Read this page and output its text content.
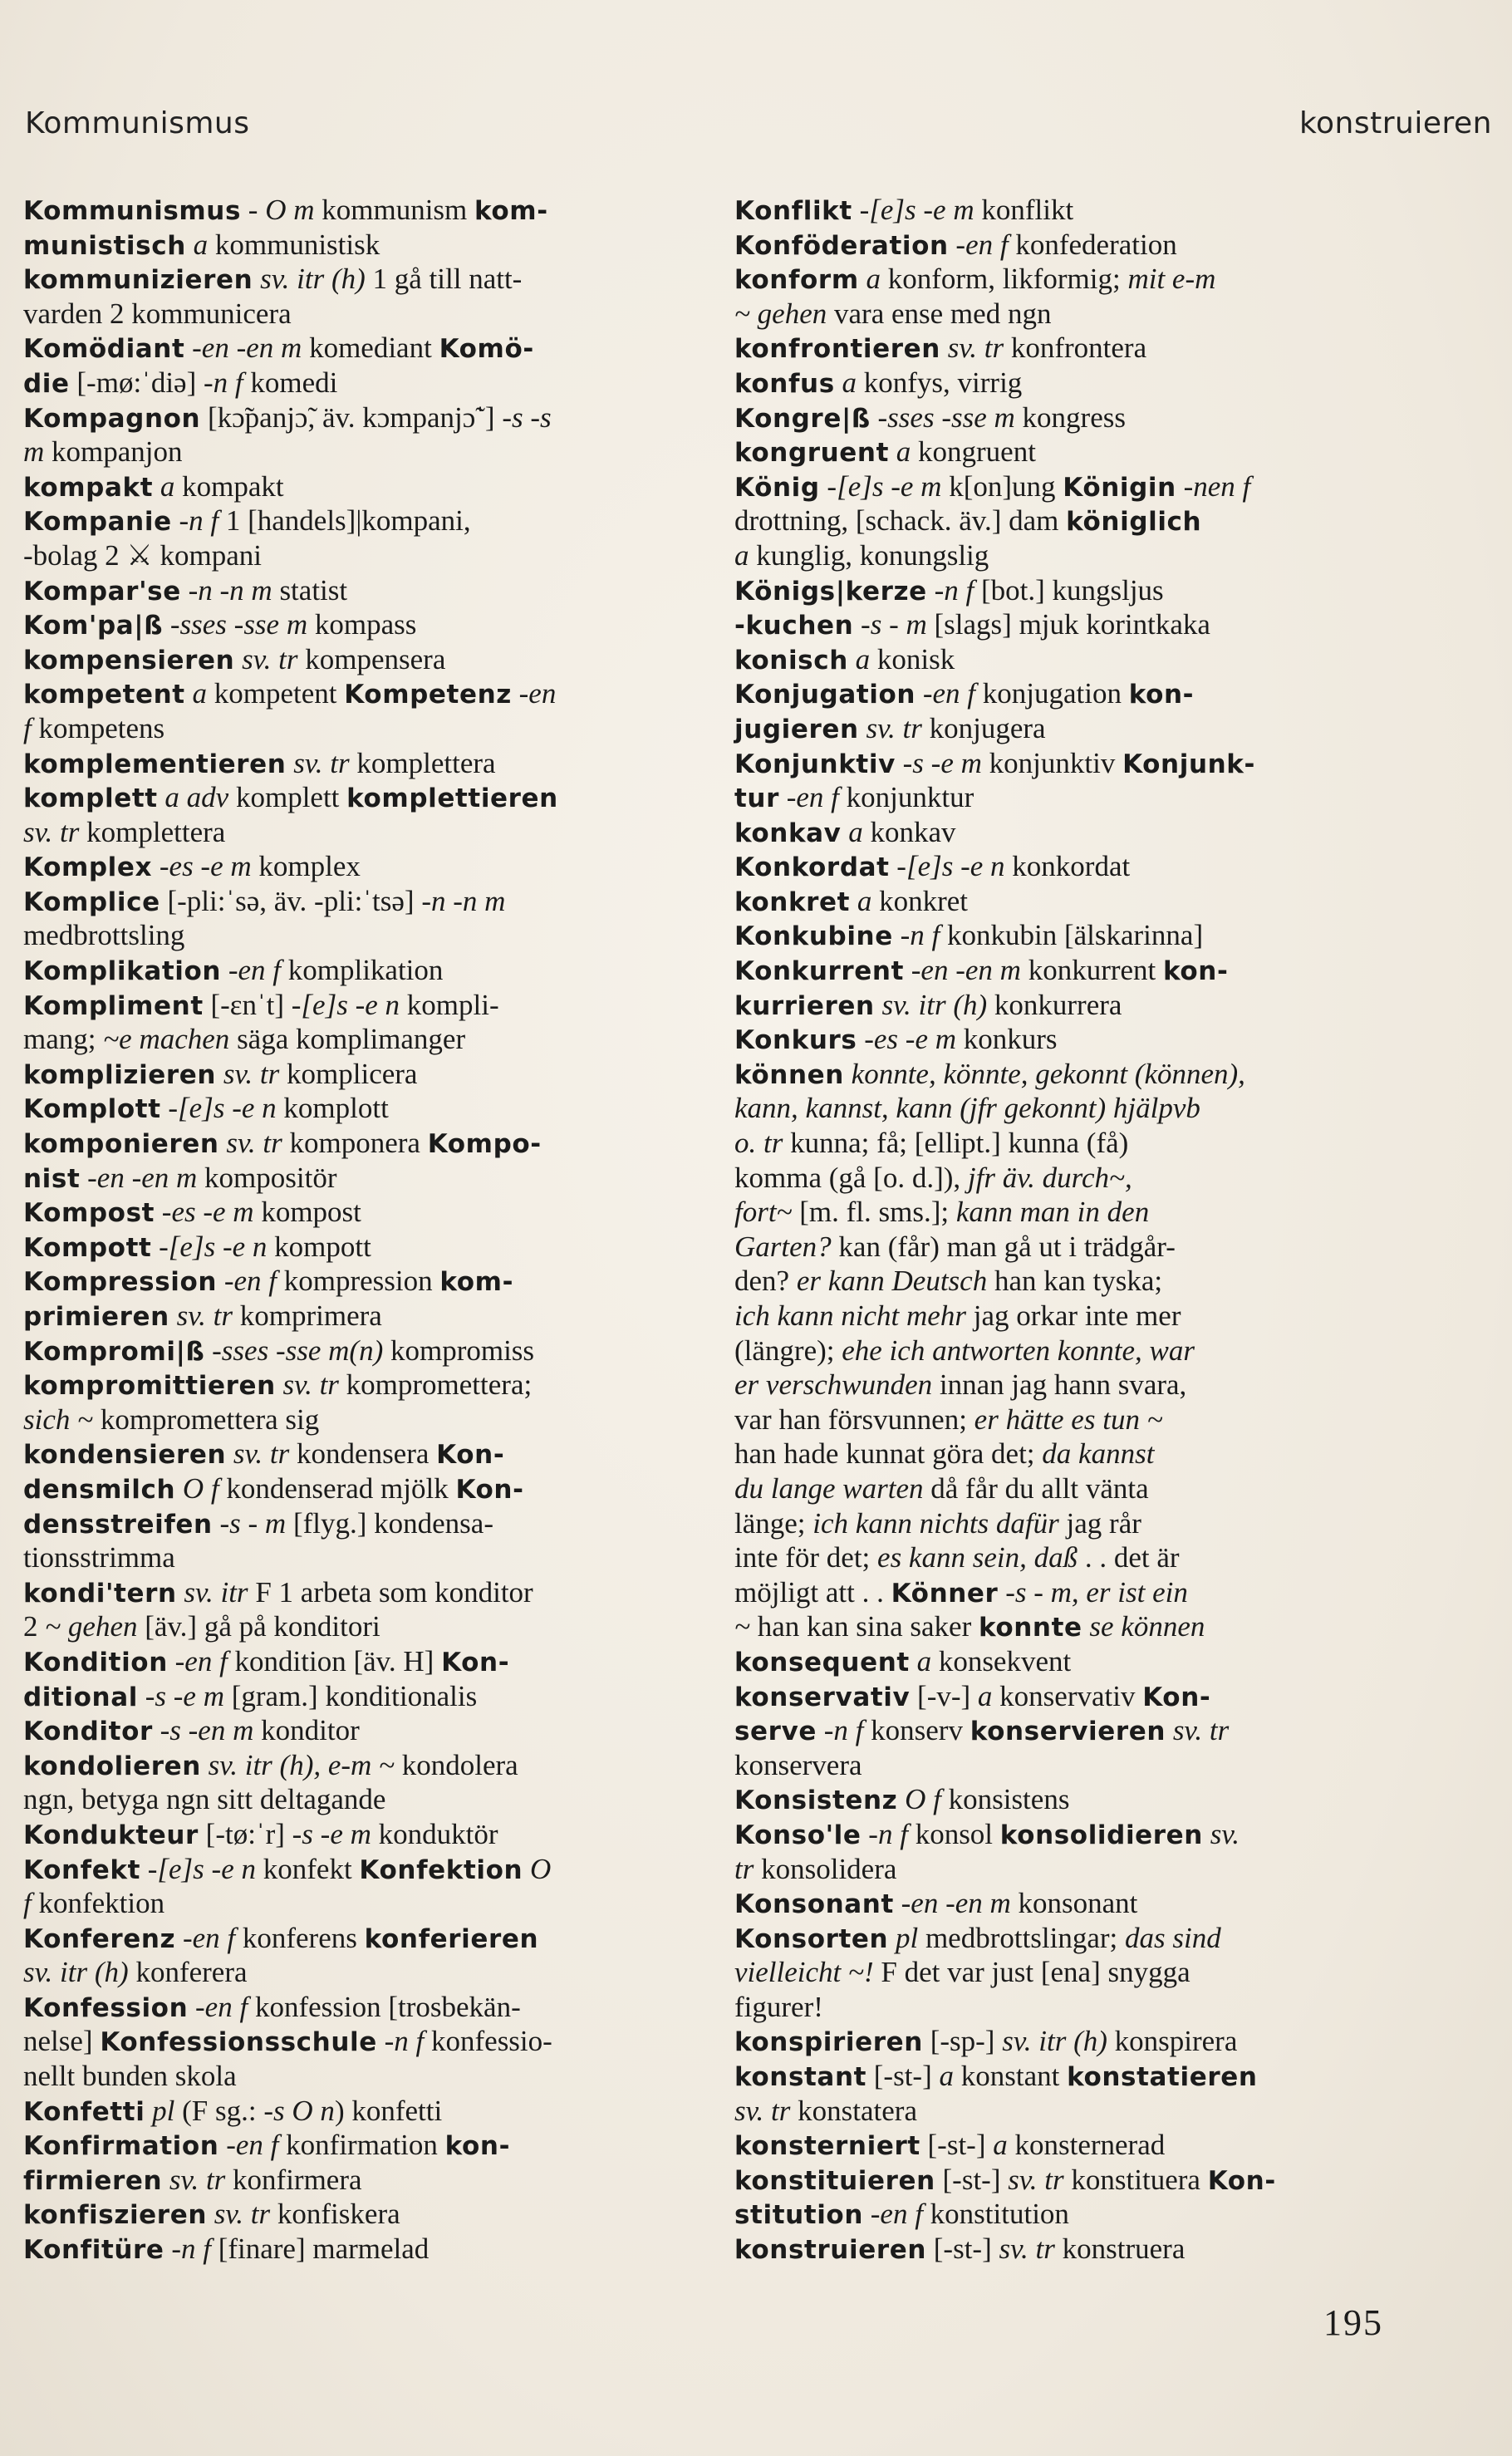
Kommunismus	konstruieren
Kommunismus - O m kommunism kom-
munistisch a kommunistisk
kommunizieren sv. itr (h) 1 gå till natt-
varden 2 kommunicera
Komödiant -en -en m komediant Komö-
die [-mø:ˈdiə] -n f komedi
Kompagnon [kɔ̃panjɔ̃, äv. kɔmpanjɔ̃ˈ] -s -s
m kompanjon
kompakt a kompakt
Kompanie -n f 1 [handels]|kompani,
-bolag 2 ⚔ kompani
Kompar'se -n -n m statist
Kom'pa|ß -sses -sse m kompass
kompensieren sv. tr kompensera
kompetent a kompetent Kompetenz -en
f kompetens
komplementieren sv. tr komplettera
komplett a adv komplett komplettieren
sv. tr komplettera
Komplex -es -e m komplex
Komplice [-pli:ˈsə, äv. -pli:ˈtsə] -n -n m
medbrottsling
Komplikation -en f komplikation
Kompliment [-ɛnˈt] -[e]s -e n kompli-
mang; ~e machen säga komplimanger
komplizieren sv. tr komplicera
Komplott -[e]s -e n komplott
komponieren sv. tr komponera Kompo-
nist -en -en m kompositör
Kompost -es -e m kompost
Kompott -[e]s -e n kompott
Kompression -en f kompression kom-
primieren sv. tr komprimera
Kompromi|ß -sses -sse m(n) kompromiss
kompromittieren sv. tr kompromettera;
sich ~ kompromettera sig
kondensieren sv. tr kondensera Kon-
densmilch O f kondenserad mjölk Kon-
densstreifen -s - m [flyg.] kondensa-
tionsstrimma
kondi'tern sv. itr F 1 arbeta som konditor
2 ~ gehen [äv.] gå på konditori
Kondition -en f kondition [äv. H] Kon-
ditional -s -e m [gram.] konditionalis
Konditor -s -en m konditor
kondolieren sv. itr (h), e-m ~ kondolera
ngn, betyga ngn sitt deltagande
Kondukteur [-tø:ˈr] -s -e m konduktör
Konfekt -[e]s -e n konfekt Konfektion O
f konfektion
Konferenz -en f konferens konferieren
sv. itr (h) konferera
Konfession -en f konfession [trosbekän-
nelse] Konfessionsschule -n f konfessio-
nellt bunden skola
Konfetti pl (F sg.: -s O n) konfetti
Konfirmation -en f konfirmation kon-
firmieren sv. tr konfirmera
konfiszieren sv. tr konfiskera
Konfitüre -n f [finare] marmelad
Konflikt -[e]s -e m konflikt
Konföderation -en f konfederation
konform a konform, likformig; mit e-m
~ gehen vara ense med ngn
konfrontieren sv. tr konfrontera
konfus a konfys, virrig
Kongre|ß -sses -sse m kongress
kongruent a kongruent
König -[e]s -e m k[on]ung Königin -nen f
drottning, [schack. äv.] dam königlich
a kunglig, konungslig
Königs|kerze -n f [bot.] kungsljus
-kuchen -s - m [slags] mjuk korintkaka
konisch a konisk
Konjugation -en f konjugation kon-
jugieren sv. tr konjugera
Konjunktiv -s -e m konjunktiv Konjunk-
tur -en f konjunktur
konkav a konkav
Konkordat -[e]s -e n konkordat
konkret a konkret
Konkubine -n f konkubin [älskarinna]
Konkurrent -en -en m konkurrent kon-
kurrieren sv. itr (h) konkurrera
Konkurs -es -e m konkurs
können konnte, könnte, gekonnt (können),
kann, kannst, kann (jfr gekonnt) hjälpvb
o. tr kunna; få; [ellipt.] kunna (få)
komma (gå [o. d.]), jfr äv. durch~,
fort~ [m. fl. sms.]; kann man in den
Garten? kan (får) man gå ut i trädgår-
den? er kann Deutsch han kan tyska;
ich kann nicht mehr jag orkar inte mer
(längre); ehe ich antworten konnte, war
er verschwunden innan jag hann svara,
var han försvunnen; er hätte es tun ~
han hade kunnat göra det; da kannst
du lange warten då får du allt vänta
länge; ich kann nichts dafür jag rår
inte för det; es kann sein, daß . . det är
möjligt att . . Könner -s - m, er ist ein
~ han kan sina saker konnte se können
konsequent a konsekvent
konservativ [-v-] a konservativ Kon-
serve -n f konserv konservieren sv. tr
konservera
Konsistenz O f konsistens
Konso'le -n f konsol konsolidieren sv.
tr konsolidera
Konsonant -en -en m konsonant
Konsorten pl medbrottslingar; das sind
vielleicht ~! F det var just [ena] snygga
figurer!
konspirieren [-sp-] sv. itr (h) konspirera
konstant [-st-] a konstant konstatieren
sv. tr konstatera
konsterniert [-st-] a konsternerad
konstituieren [-st-] sv. tr konstituera Kon-
stitution -en f konstitution
konstruieren [-st-] sv. tr konstruera
195
